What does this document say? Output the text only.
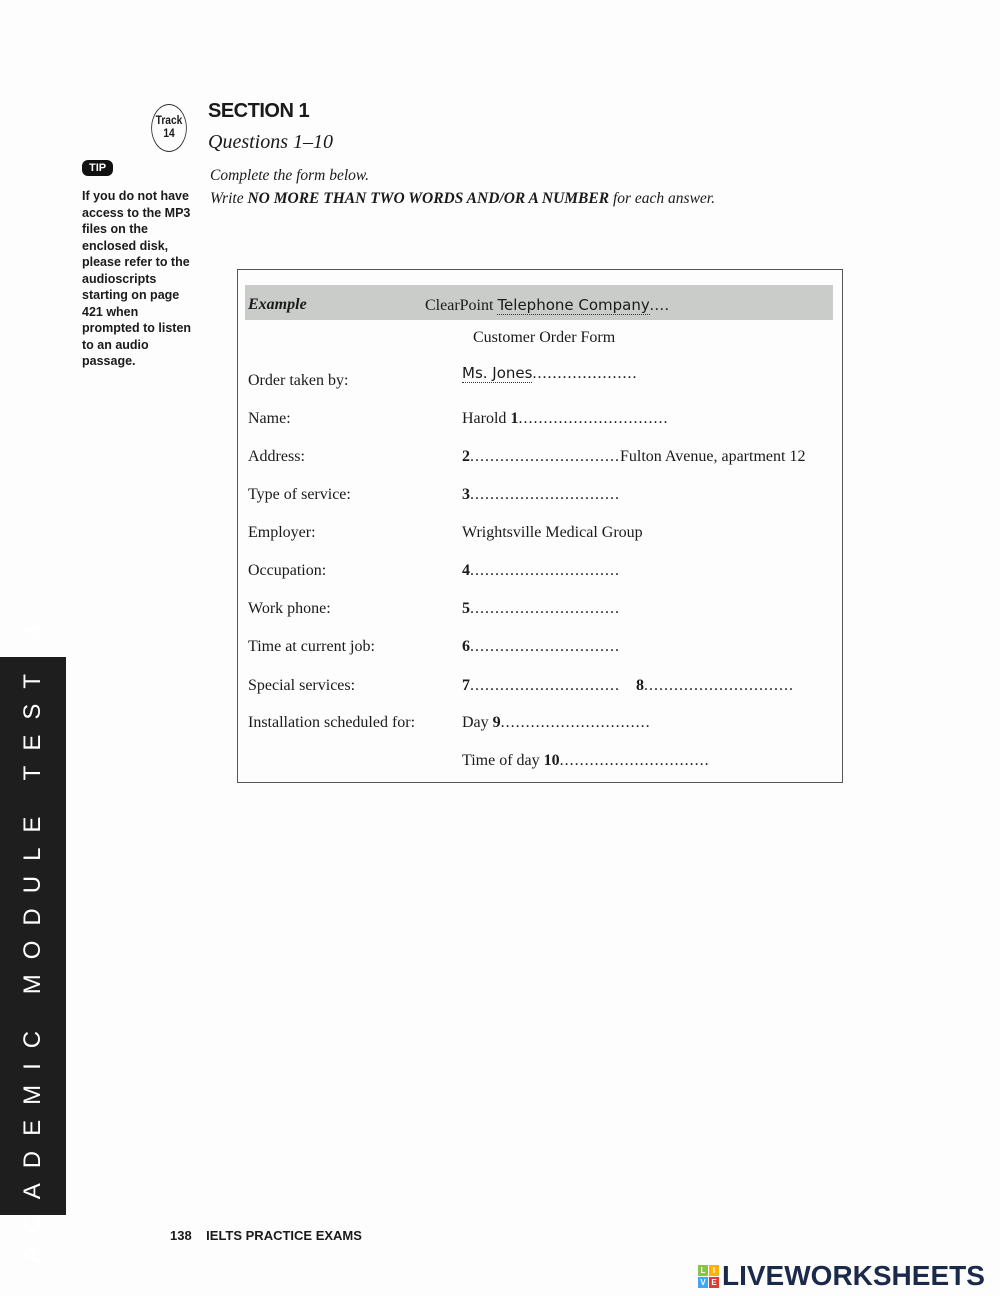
Track
14
SECTION 1
Questions 1–10
TIP
If you do not have access to the MP3 files on the enclosed disk, please refer to the audioscripts starting on page 421 when prompted to listen to an audio passage.
Complete the form below.
Write NO MORE THAN TWO WORDS AND/OR A NUMBER for each answer.
Example	ClearPoint Telephone Company....
Customer Order Form
Order taken by:	Ms. Jones.....................
Name:	Harold 1..............................
Address:	2..............................Fulton Avenue, apartment 12
Type of service:	3..............................
Employer:	Wrightsville Medical Group
Occupation:	4..............................
Work phone:	5..............................
Time at current job:	6..............................
Special services:	7.............................. 8..............................
Installation scheduled for:	Day 9..............................
Time of day 10..............................
ACADEMIC MODULE TEST 4	138 IELTS PRACTICE EXAMS
L I
V E LIVEWORKSHEETS
